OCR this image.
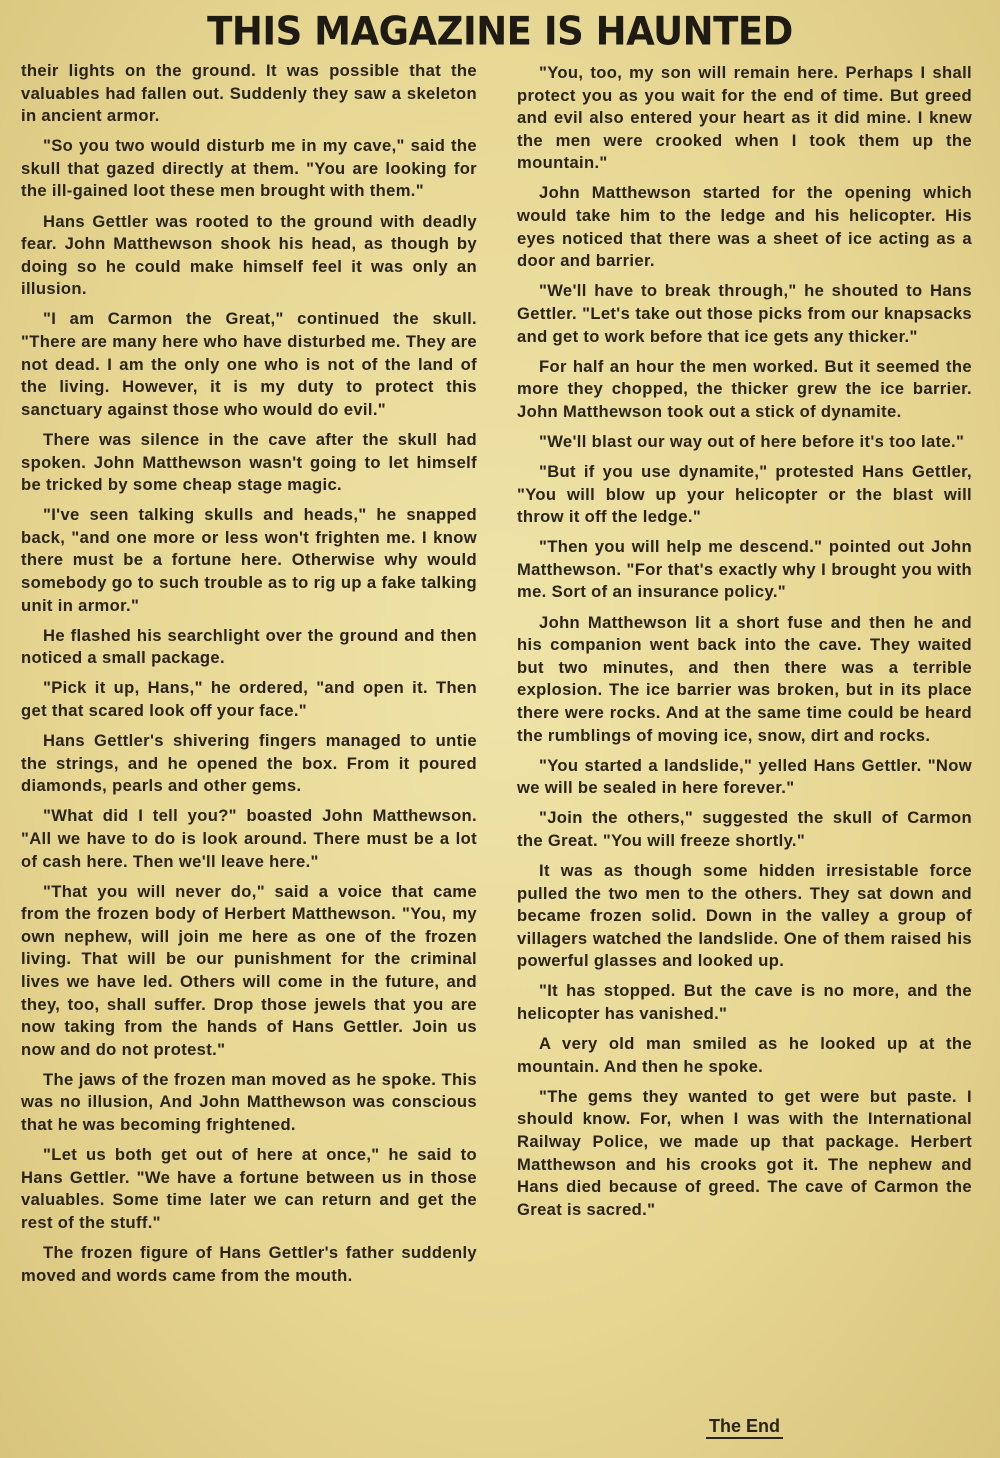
THIS MAGAZINE IS HAUNTED

their lights on the ground. It was possible that the valuables had fallen out. Suddenly they saw a skeleton in ancient armor.

"So you two would disturb me in my cave," said the skull that gazed directly at them. "You are looking for the ill-gained loot these men brought with them."

Hans Gettler was rooted to the ground with deadly fear. John Matthewson shook his head, as though by doing so he could make himself feel it was only an illusion.

"I am Carmon the Great," continued the skull. "There are many here who have disturbed me. They are not dead. I am the only one who is not of the land of the living. However, it is my duty to protect this sanctuary against those who would do evil."

There was silence in the cave after the skull had spoken. John Matthewson wasn't going to let himself be tricked by some cheap stage magic.

"I've seen talking skulls and heads," he snapped back, "and one more or less won't frighten me. I know there must be a fortune here. Otherwise why would somebody go to such trouble as to rig up a fake talking unit in armor."

He flashed his searchlight over the ground and then noticed a small package.

"Pick it up, Hans," he ordered, "and open it. Then get that scared look off your face."

Hans Gettler's shivering fingers managed to untie the strings, and he opened the box. From it poured diamonds, pearls and other gems.

"What did I tell you?" boasted John Matthewson. "All we have to do is look around. There must be a lot of cash here. Then we'll leave here."

"That you will never do," said a voice that came from the frozen body of Herbert Matthewson. "You, my own nephew, will join me here as one of the frozen living. That will be our punishment for the criminal lives we have led. Others will come in the future, and they, too, shall suffer. Drop those jewels that you are now taking from the hands of Hans Gettler. Join us now and do not protest."

The jaws of the frozen man moved as he spoke. This was no illusion, And John Matthewson was conscious that he was becoming frightened.

"Let us both get out of here at once," he said to Hans Gettler. "We have a fortune between us in those valuables. Some time later we can return and get the rest of the stuff."

The frozen figure of Hans Gettler's father suddenly moved and words came from the mouth.

"You, too, my son will remain here. Perhaps I shall protect you as you wait for the end of time. But greed and evil also entered your heart as it did mine. I knew the men were crooked when I took them up the mountain."

John Matthewson started for the opening which would take him to the ledge and his helicopter. His eyes noticed that there was a sheet of ice acting as a door and barrier.

"We'll have to break through," he shouted to Hans Gettler. "Let's take out those picks from our knapsacks and get to work before that ice gets any thicker."

For half an hour the men worked. But it seemed the more they chopped, the thicker grew the ice barrier. John Matthewson took out a stick of dynamite.

"We'll blast our way out of here before it's too late."

"But if you use dynamite," protested Hans Gettler, "You will blow up your helicopter or the blast will throw it off the ledge."

"Then you will help me descend." pointed out John Matthewson. "For that's exactly why I brought you with me. Sort of an insurance policy."

John Matthewson lit a short fuse and then he and his companion went back into the cave. They waited but two minutes, and then there was a terrible explosion. The ice barrier was broken, but in its place there were rocks. And at the same time could be heard the rumblings of moving ice, snow, dirt and rocks.

"You started a landslide," yelled Hans Gettler. "Now we will be sealed in here forever."

"Join the others," suggested the skull of Carmon the Great. "You will freeze shortly."

It was as though some hidden irresistable force pulled the two men to the others. They sat down and became frozen solid. Down in the valley a group of villagers watched the landslide. One of them raised his powerful glasses and looked up.

"It has stopped. But the cave is no more, and the helicopter has vanished."

A very old man smiled as he looked up at the mountain. And then he spoke.

"The gems they wanted to get were but paste. I should know. For, when I was with the International Railway Police, we made up that package. Herbert Matthewson and his crooks got it. The nephew and Hans died because of greed. The cave of Carmon the Great is sacred."

The End
